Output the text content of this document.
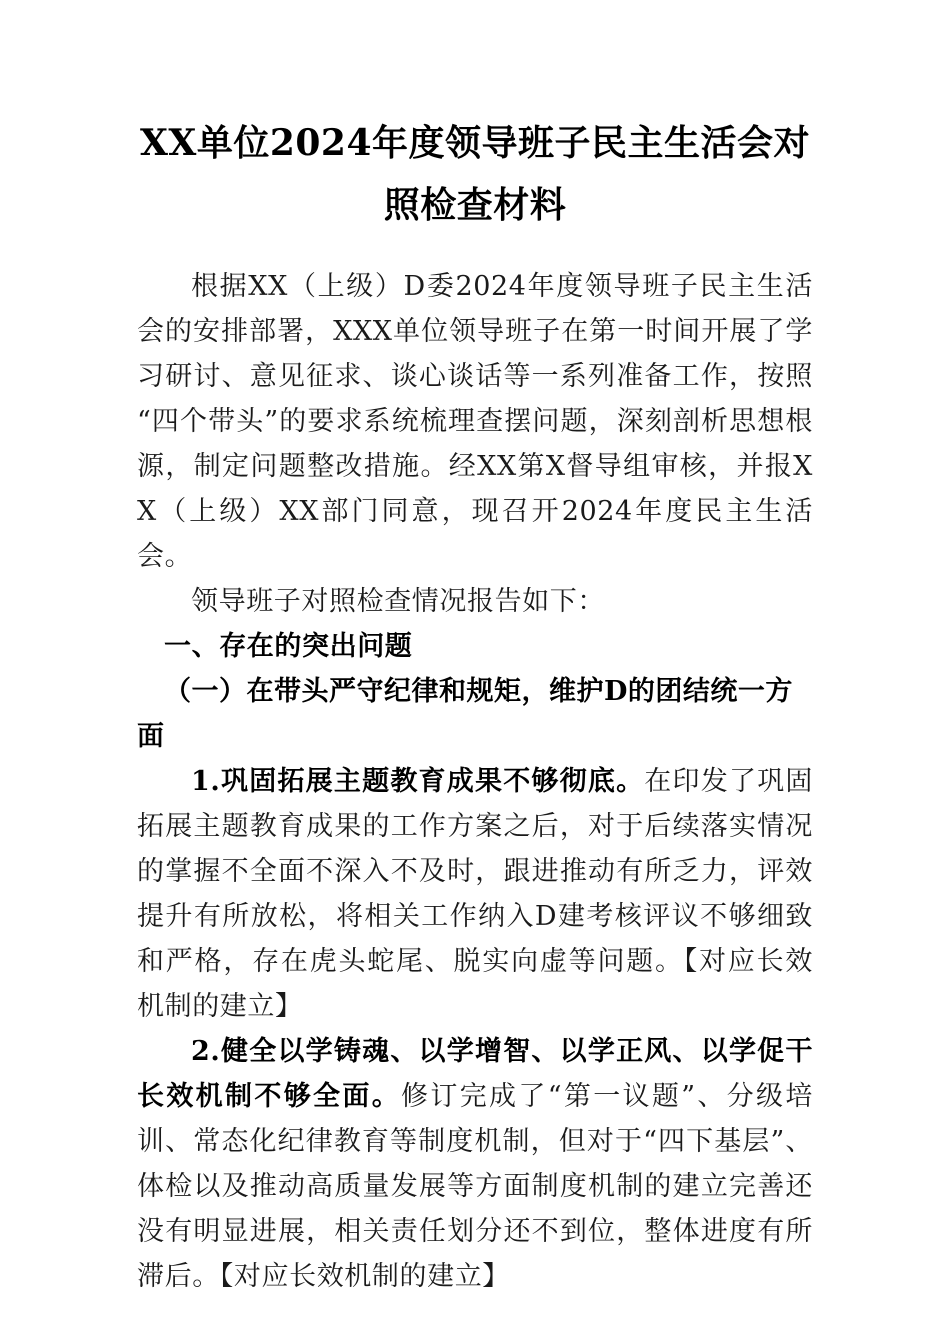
XX单位2024年度领导班子民主生活会对照检查材料

根据XX（上级）D委2024年度领导班子民主生活会的安排部署，XXX单位领导班子在第一时间开展了学习研讨、意见征求、谈心谈话等一系列准备工作，按照“四个带头”的要求系统梳理查摆问题，深刻剖析思想根源，制定问题整改措施。经XX第X督导组审核，并报XX（上级）XX部门同意，现召开2024年度民主生活会。

领导班子对照检查情况报告如下：

一、存在的突出问题

（一）在带头严守纪律和规矩，维护D的团结统一方面

1.巩固拓展主题教育成果不够彻底。在印发了巩固拓展主题教育成果的工作方案之后，对于后续落实情况的掌握不全面不深入不及时，跟进推动有所乏力，评效提升有所放松，将相关工作纳入D建考核评议不够细致和严格，存在虎头蛇尾、脱实向虚等问题。【对应长效机制的建立】

2.健全以学铸魂、以学增智、以学正风、以学促干长效机制不够全面。修订完成了“第一议题”、分级培训、常态化纪律教育等制度机制，但对于“四下基层”、体检以及推动高质量发展等方面制度机制的建立完善还没有明显进展，相关责任划分还不到位，整体进度有所滞后。【对应长效机制的建立】
